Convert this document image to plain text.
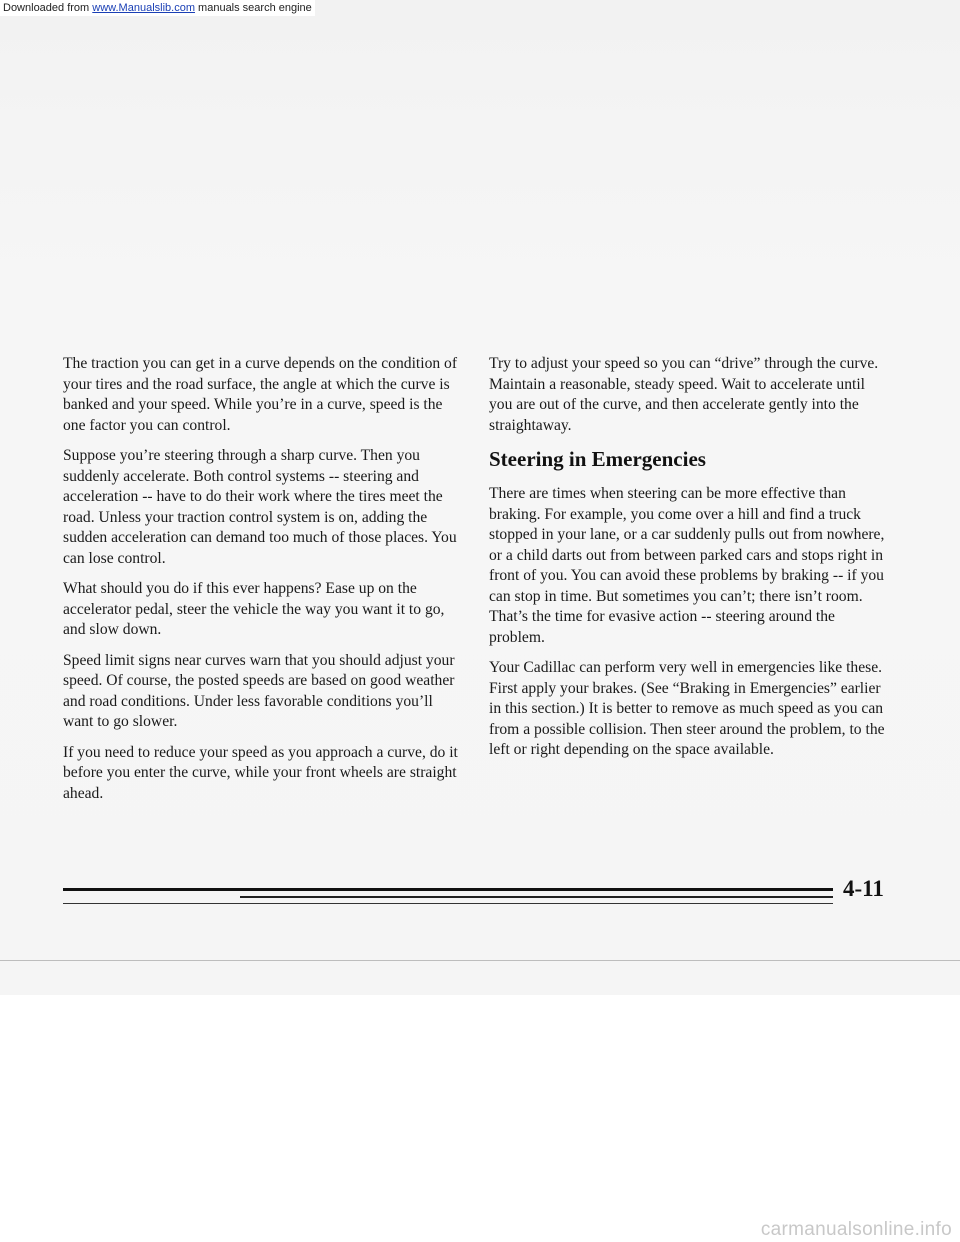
The traction you can get in a curve depends on the condition of your tires and the road surface, the angle at which the curve is banked and your speed. While you’re in a curve, speed is the one factor you can control.

Suppose you’re steering through a sharp curve. Then you suddenly accelerate. Both control systems -- steering and acceleration -- have to do their work where the tires meet the road. Unless your traction control system is on, adding the sudden acceleration can demand too much of those places. You can lose control.

What should you do if this ever happens? Ease up on the accelerator pedal, steer the vehicle the way you want it to go, and slow down.

Speed limit signs near curves warn that you should adjust your speed. Of course, the posted speeds are based on good weather and road conditions. Under less favorable conditions you’ll want to go slower.

If you need to reduce your speed as you approach a curve, do it before you enter the curve, while your front wheels are straight ahead.

Try to adjust your speed so you can “drive” through the curve. Maintain a reasonable, steady speed. Wait to accelerate until you are out of the curve, and then accelerate gently into the straightaway.

Steering in Emergencies

There are times when steering can be more effective than braking. For example, you come over a hill and find a truck stopped in your lane, or a car suddenly pulls out from nowhere, or a child darts out from between parked cars and stops right in front of you. You can avoid these problems by braking -- if you can stop in time. But sometimes you can’t; there isn’t room. That’s the time for evasive action -- steering around the problem.

Your Cadillac can perform very well in emergencies like these. First apply your brakes. (See “Braking in Emergencies” earlier in this section.) It is better to remove as much speed as you can from a possible collision. Then steer around the problem, to the left or right depending on the space available.

4-11
Downloaded from www.Manualslib.com manuals search engine
carmanualsonline.info
